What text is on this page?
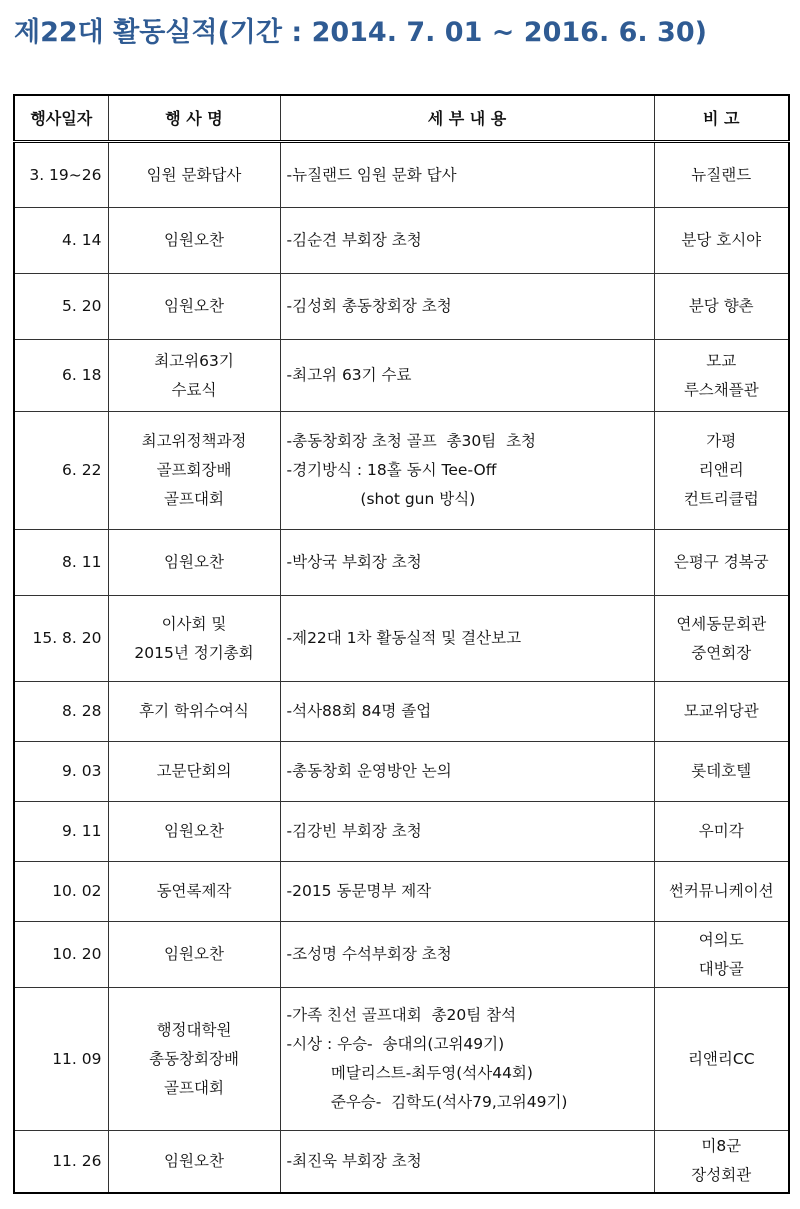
제22대 활동실적(기간 : 2014. 7. 01 ~ 2016. 6. 30)
행사일자	행 사 명	세 부 내 용	비 고
3. 19~26	임원 문화답사	-뉴질랜드 임원 문화 답사	뉴질랜드

4. 14	임원오찬	-김순견 부회장 초청	분당 호시야

5. 20	임원오찬	-김성회 총동창회장 초청	분당 향촌

6. 18	최고위63기
수료식	-최고위 63기 수료	모교
루스채플관

6. 22	최고위정책과정
골프회장배
골프대회	-총동창회장 초청 골프  총30팀  초청
-경기방식 : 18홀 동시 Tee-Off
(shot gun 방식)	가평
리앤리
컨트리클럽

8. 11	임원오찬	-박상국 부회장 초청	은평구 경복궁

15. 8. 20	이사회 및
2015년 정기총회	-제22대 1차 활동실적 및 결산보고	연세동문회관
중연회장

8. 28	후기 학위수여식	-석사88회 84명 졸업	모교위당관

9. 03	고문단회의	-총동창회 운영방안 논의	롯데호텔

9. 11	임원오찬	-김강빈 부회장 초청	우미각

10. 02	동연록제작	-2015 동문명부 제작	썬커뮤니케이션

10. 20	임원오찬	-조성명 수석부회장 초청	여의도
대방골

11. 09	행정대학원
총동창회장배
골프대회	-가족 친선 골프대회  총20팀 참석
-시상 : 우승-  송대의(고위49기)
메달리스트-최두영(석사44회)
준우승-  김학도(석사79,고위49기)	리앤리CC

11. 26	임원오찬	-최진욱 부회장 초청	미8군
장성회관
